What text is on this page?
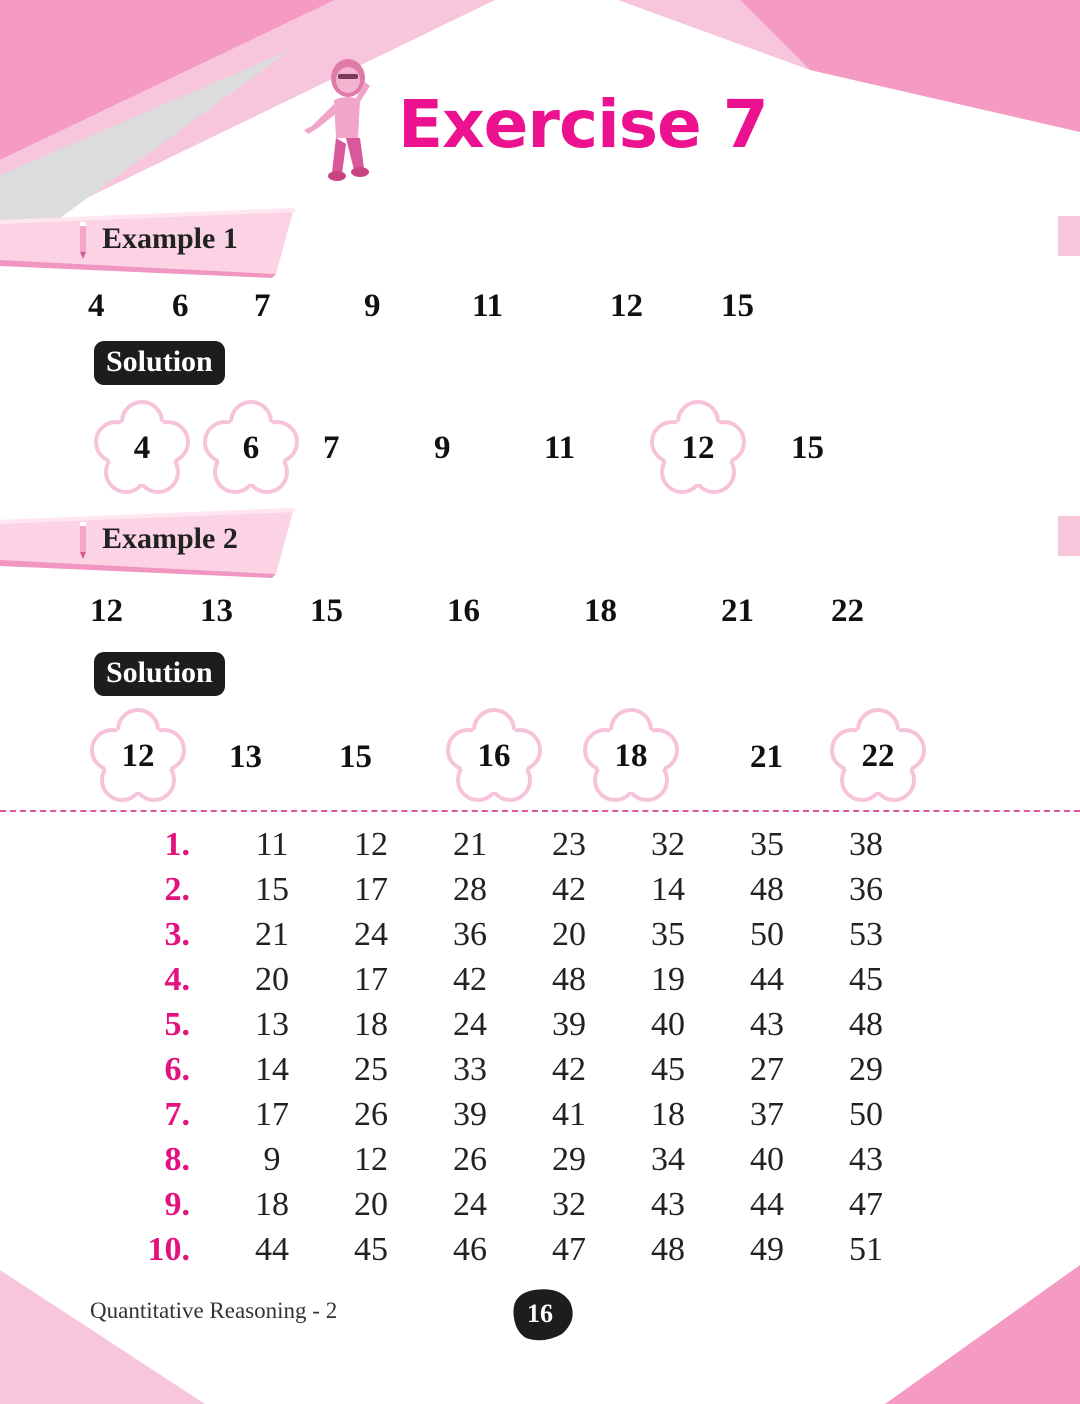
Exercise 7
Example 1
4 6 7	9	11	12 15
Solution
4	6	7	9	11	12	15
Example 2
12 13 15	16	18	21 22
Solution
12	13 15	16	18	21	22
1.	11	12	21	23	32	35	38
2.	15	17	28	42	14	48	36
3.	21	24	36	20	35	50	53
4.	20	17	42	48	19	44	45
5.	13	18	24	39	40	43	48
6.	14	25	33	42	45	27	29
7.	17	26	39	41	18	37	50
8.	9	12	26	29	34	40	43
9.	18	20	24	32	43	44	47
10.	44	45	46	47	48	49	51
Quantitative Reasoning - 2	16
